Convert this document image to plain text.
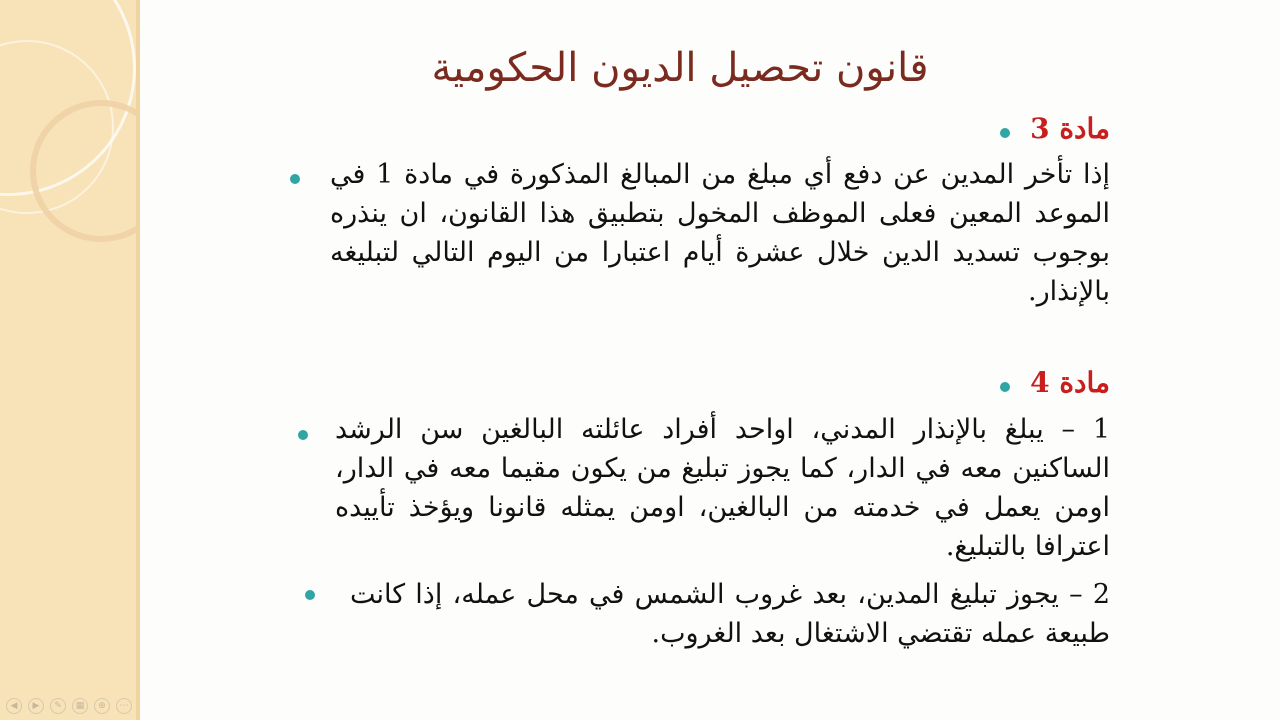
قانون تحصيل الديون الحكومية
مادة 3
إذا تأخر المدين عن دفع أي مبلغ من المبالغ المذكورة في مادة 1 في الموعد المعين فعلى الموظف المخول بتطبيق هذا القانون، ان ينذره بوجوب تسديد الدين خلال عشرة أيام اعتبارا من اليوم التالي لتبليغه بالإنذار.
مادة 4
1 – يبلغ بالإنذار المدني، اواحد أفراد عائلته البالغين سن الرشد الساكنين معه في الدار، كما يجوز تبليغ من يكون مقيما معه في الدار، اومن يعمل في خدمته من البالغين، اومن يمثله قانونا ويؤخذ تأييده اعترافا بالتبليغ.
2 – يجوز تبليغ المدين، بعد غروب الشمس في محل عمله، إذا كانت طبيعة عمله تقتضي الاشتغال بعد الغروب.
◀	▶	✎	▦	⊕	⋯
